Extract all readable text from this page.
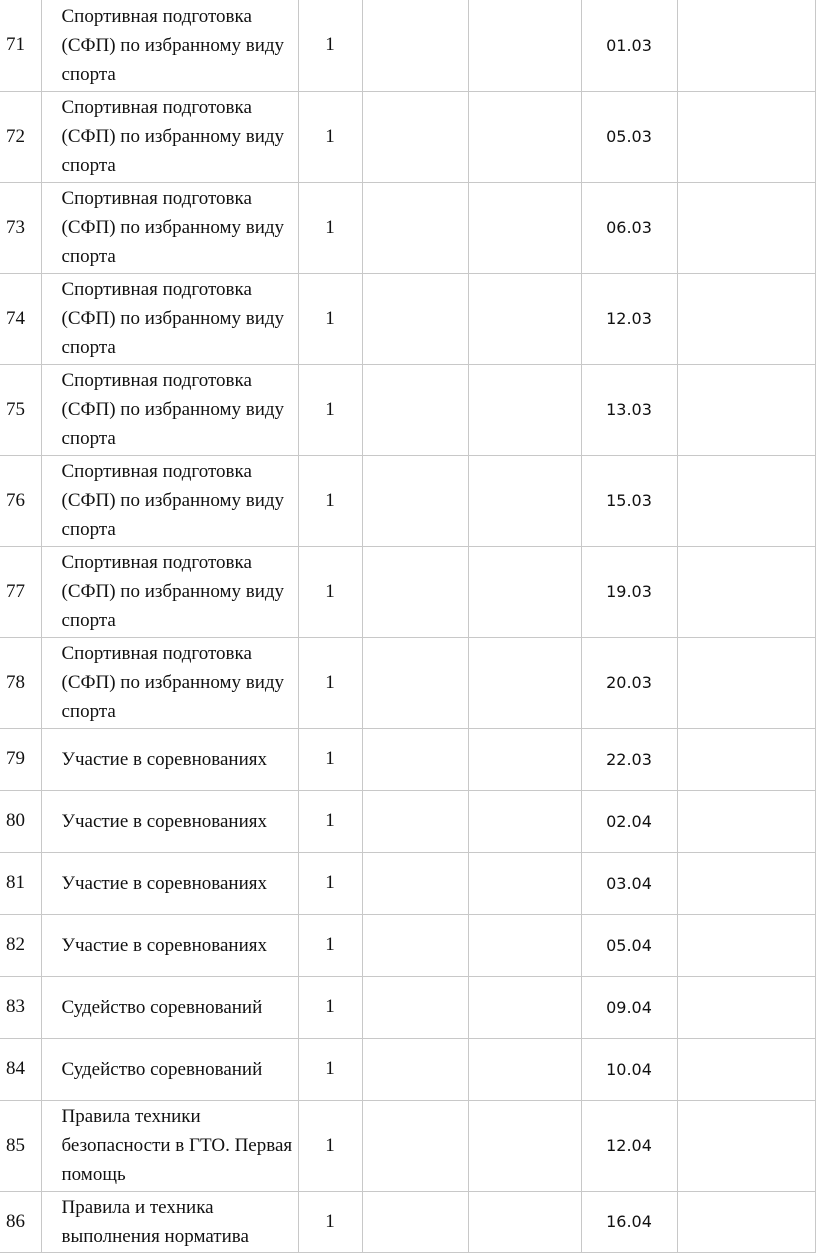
71	Спортивная подготовка (СФП) по избранному виду спорта	1			01.03	
72	Спортивная подготовка (СФП) по избранному виду спорта	1			05.03	
73	Спортивная подготовка (СФП) по избранному виду спорта	1			06.03	
74	Спортивная подготовка (СФП) по избранному виду спорта	1			12.03	
75	Спортивная подготовка (СФП) по избранному виду спорта	1			13.03	
76	Спортивная подготовка (СФП) по избранному виду спорта	1			15.03	
77	Спортивная подготовка (СФП) по избранному виду спорта	1			19.03	
78	Спортивная подготовка (СФП) по избранному виду спорта	1			20.03	
79	Участие в соревнованиях	1			22.03	
80	Участие в соревнованиях	1			02.04	
81	Участие в соревнованиях	1			03.04	
82	Участие в соревнованиях	1			05.04	
83	Судейство соревнований	1			09.04	
84	Судейство соревнований	1			10.04	
85	Правила техники безопасности в ГТО. Первая помощь	1			12.04	
86	Правила и техника выполнения норматива	1			16.04	
